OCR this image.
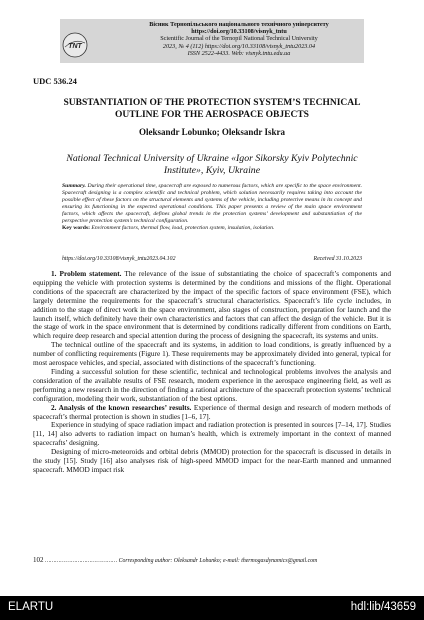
Вісник Тернопільського національного технічного університету
https://doi.org/10.33108/visnyk_tntu
Scientific Journal of the Ternopil National Technical University
2023, № 4 (112) https://doi.org/10.33108/visnyk_tntu2023.04
ISSN 2522-4433. Web: visnyk.tntu.edu.ua
TNT
UDC 536.24
SUBSTANTIATION OF THE PROTECTION SYSTEM’S TECHNICAL
OUTLINE FOR THE AEROSPACE OBJECTS
Oleksandr Lobunko; Oleksandr Iskra
National Technical University of Ukraine «Igor Sikorsky Kyiv Polytechnic
Institute», Kyiv, Ukraine
Summary. During their operational time, spacecraft are exposed to numerous factors, which are specific to the space environment. Spacecraft designing is a complex scientific and technical problem, which solution necessarily requires taking into account the possible effect of these factors on the structural elements and systems of the vehicle, including protective means in its concept and ensuring its functioning in the expected operational conditions. This paper presents a review of the main space environment factors, which affects the spacecraft, defines global trends in the protection systems’ development and substantiation of the perspective protection system’s technical configuration.
Key words: Environment factors, thermal flow, load, protection system, insulation, isolation.
https://doi.org/10.33108/visnyk_tntu2023.04.102	Received 31.10.2023

1. Problem statement. The relevance of the issue of substantiating the choice of spacecraft’s components and equipping the vehicle with protection systems is determined by the conditions and missions of the flight. Operational conditions of the spacecraft are characterized by the impact of the specific factors of space environment (FSE), which largely determine the requirements for the spacecraft’s structural characteristics. Spacecraft’s life cycle includes, in addition to the stage of direct work in the space environment, also stages of construction, preparation for launch and the launch itself, which definitely have their own characteristics and factors that can affect the design of the vehicle. But it is the stage of work in the space environment that is determined by conditions radically different from conditions on Earth, which require deep research and special attention during the process of designing the spacecraft, its systems and units.

The technical outline of the spacecraft and its systems, in addition to load conditions, is greatly influenced by a number of conflicting requirements (Figure 1). These requirements may be approximately divided into general, typical for most aerospace vehicles, and special, associated with distinctions of the spacecraft’s functioning.

Finding a successful solution for these scientific, technical and technological problems involves the analysis and consideration of the available results of FSE research, modern experience in the aerospace engineering field, as well as performing a new research in the direction of finding a rational architecture of the spacecraft protection systems’ technical configuration, modeling their work, substantiation of the best options.

2. Analysis of the known researches’ results. Experience of thermal design and research of modern methods of spacecraft’s thermal protection is shown in studies [1–6, 17].

Experience in studying of space radiation impact and radiation protection is presented in sources [7–14, 17]. Studies [11, 14] also adverts to radiation impact on human’s health, which is extremely important in the context of manned spacecrafts’ designing.

Designing of micro-meteoroids and orbital debris (MMOD) protection for the spacecraft is discussed in details in the study [15]. Study [16] also analyses risk of high-speed MMOD impact for the near-Earth manned and unmanned spacecraft. MMOD impact risk

102 …………………………………… Corresponding author: Oleksandr Lobunko; e-mail: thermogasdynamics@gmail.com
ELARTU	hdl:lib/43659
